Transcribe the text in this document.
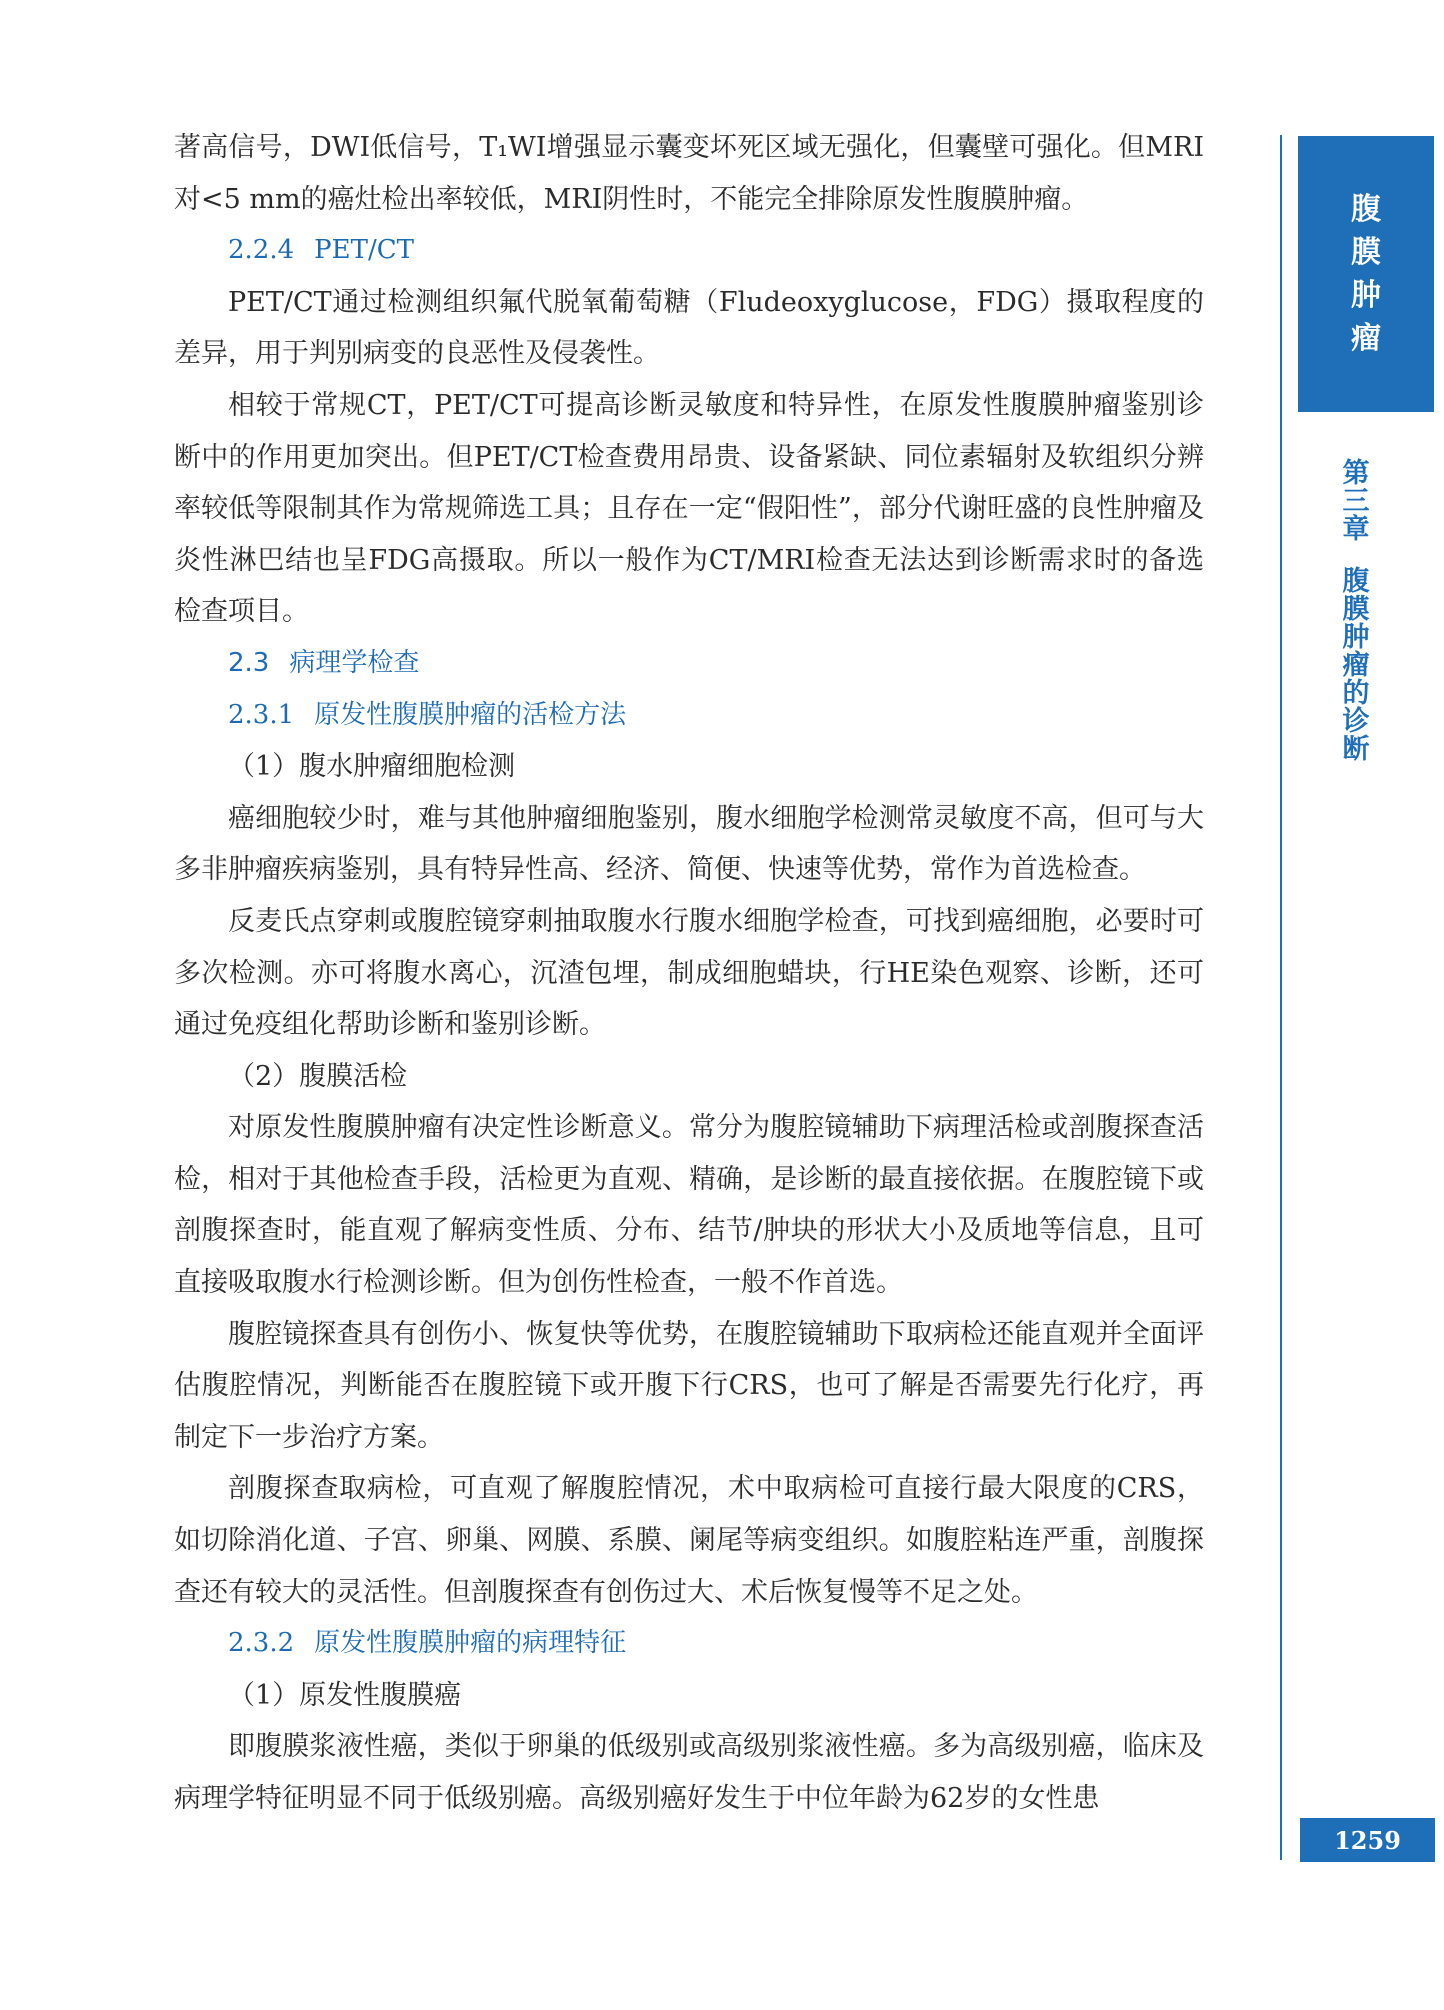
腹
膜
肿
瘤
第
三
章
腹
膜
肿
瘤
的
诊
断
1259

著高信号，DWI低信号，T₁WI增强显示囊变坏死区域无强化，但囊壁可强化。但MRI对<5 mm的癌灶检出率较低，MRI阴性时，不能完全排除原发性腹膜肿瘤。

2.2.4 PET/CT

PET/CT通过检测组织氟代脱氧葡萄糖（Fludeoxyglucose，FDG）摄取程度的差异，用于判别病变的良恶性及侵袭性。

相较于常规CT，PET/CT可提高诊断灵敏度和特异性，在原发性腹膜肿瘤鉴别诊断中的作用更加突出。但PET/CT检查费用昂贵、设备紧缺、同位素辐射及软组织分辨率较低等限制其作为常规筛选工具；且存在一定“假阳性”，部分代谢旺盛的良性肿瘤及炎性淋巴结也呈FDG高摄取。所以一般作为CT/MRI检查无法达到诊断需求时的备选检查项目。

2.3 病理学检查

2.3.1 原发性腹膜肿瘤的活检方法

（1）腹水肿瘤细胞检测

癌细胞较少时，难与其他肿瘤细胞鉴别，腹水细胞学检测常灵敏度不高，但可与大多非肿瘤疾病鉴别，具有特异性高、经济、简便、快速等优势，常作为首选检查。

反麦氏点穿刺或腹腔镜穿刺抽取腹水行腹水细胞学检查，可找到癌细胞，必要时可多次检测。亦可将腹水离心，沉渣包埋，制成细胞蜡块，行HE染色观察、诊断，还可通过免疫组化帮助诊断和鉴别诊断。

（2）腹膜活检

对原发性腹膜肿瘤有决定性诊断意义。常分为腹腔镜辅助下病理活检或剖腹探查活检，相对于其他检查手段，活检更为直观、精确，是诊断的最直接依据。在腹腔镜下或剖腹探查时，能直观了解病变性质、分布、结节/肿块的形状大小及质地等信息，且可直接吸取腹水行检测诊断。但为创伤性检查，一般不作首选。

腹腔镜探查具有创伤小、恢复快等优势，在腹腔镜辅助下取病检还能直观并全面评估腹腔情况，判断能否在腹腔镜下或开腹下行CRS，也可了解是否需要先行化疗，再制定下一步治疗方案。

剖腹探查取病检，可直观了解腹腔情况，术中取病检可直接行最大限度的CRS，如切除消化道、子宫、卵巢、网膜、系膜、阑尾等病变组织。如腹腔粘连严重，剖腹探查还有较大的灵活性。但剖腹探查有创伤过大、术后恢复慢等不足之处。

2.3.2 原发性腹膜肿瘤的病理特征

（1）原发性腹膜癌

即腹膜浆液性癌，类似于卵巢的低级别或高级别浆液性癌。多为高级别癌，临床及病理学特征明显不同于低级别癌。高级别癌好发生于中位年龄为62岁的女性患
